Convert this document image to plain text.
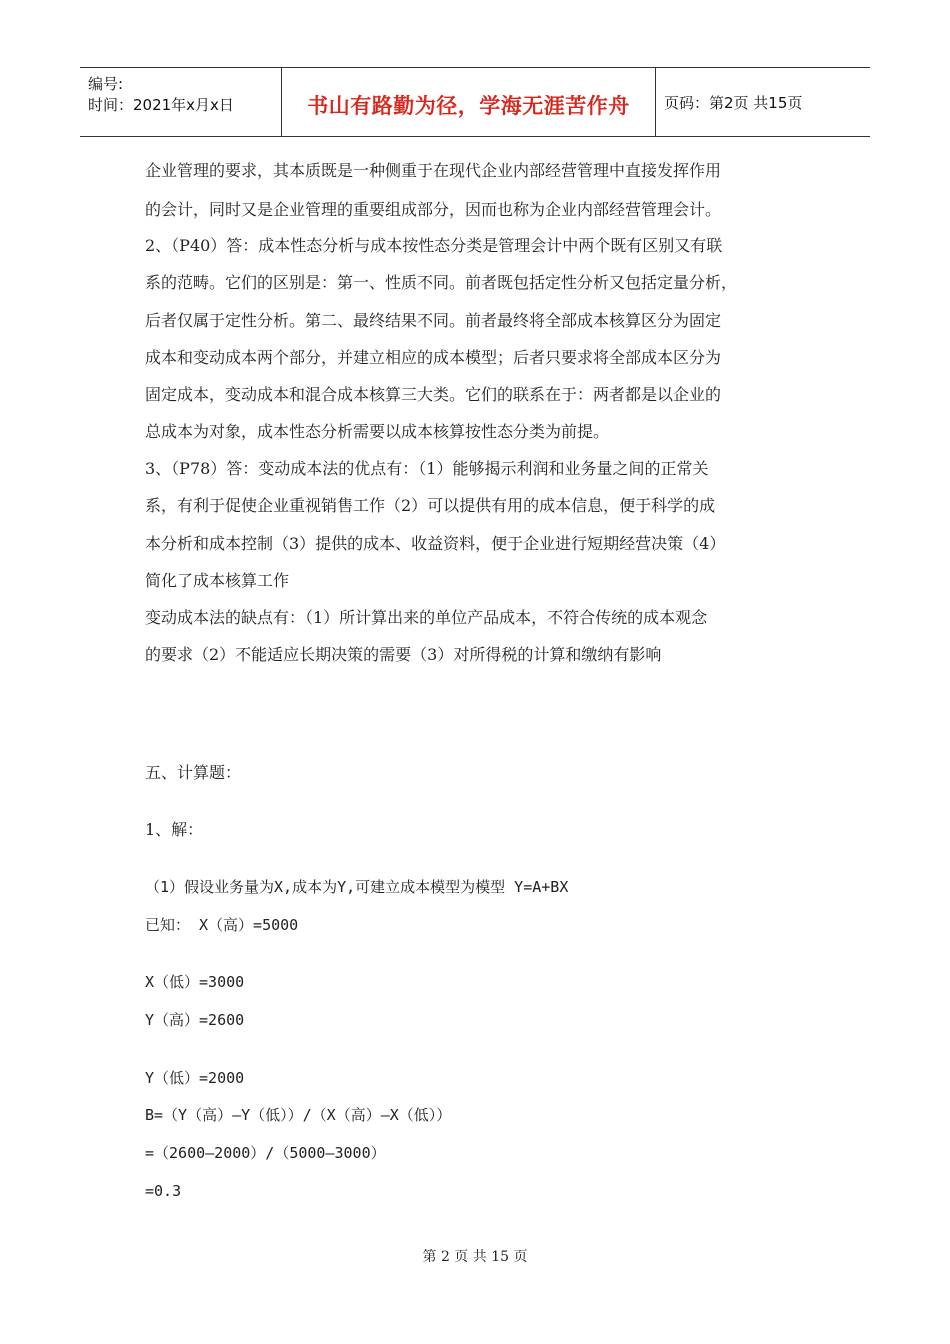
编号:
时间：2021年x月x日	书山有路勤为径，学海无涯苦作舟	页码：第2页 共15页
企业管理的要求，其本质既是一种侧重于在现代企业内部经营管理中直接发挥作用
的会计，同时又是企业管理的重要组成部分，因而也称为企业内部经营管理会计。
2、（P40）答：成本性态分析与成本按性态分类是管理会计中两个既有区别又有联
系的范畴。它们的区别是：第一、性质不同。前者既包括定性分析又包括定量分析，
后者仅属于定性分析。第二、最终结果不同。前者最终将全部成本核算区分为固定
成本和变动成本两个部分，并建立相应的成本模型；后者只要求将全部成本区分为
固定成本，变动成本和混合成本核算三大类。它们的联系在于：两者都是以企业的
总成本为对象，成本性态分析需要以成本核算按性态分类为前提。
3、（P78）答：变动成本法的优点有：（1）能够揭示利润和业务量之间的正常关
系，有利于促使企业重视销售工作（2）可以提供有用的成本信息，便于科学的成
本分析和成本控制（3）提供的成本、收益资料，便于企业进行短期经营决策（4）
简化了成本核算工作
变动成本法的缺点有：（1）所计算出来的单位产品成本，不符合传统的成本观念
的要求（2）不能适应长期决策的需要（3）对所得税的计算和缴纳有影响
五、计算题：
1、解：
（1）假设业务量为X,成本为Y,可建立成本模型为模型 Y=A+BX
已知： X（高）=5000
X（低）=3000
Y（高）=2600
Y（低）=2000
B=（Y（高）—Y（低））/（X（高）—X（低））
=（2600—2000）/（5000—3000）
=0.3
第 2 页 共 15 页
